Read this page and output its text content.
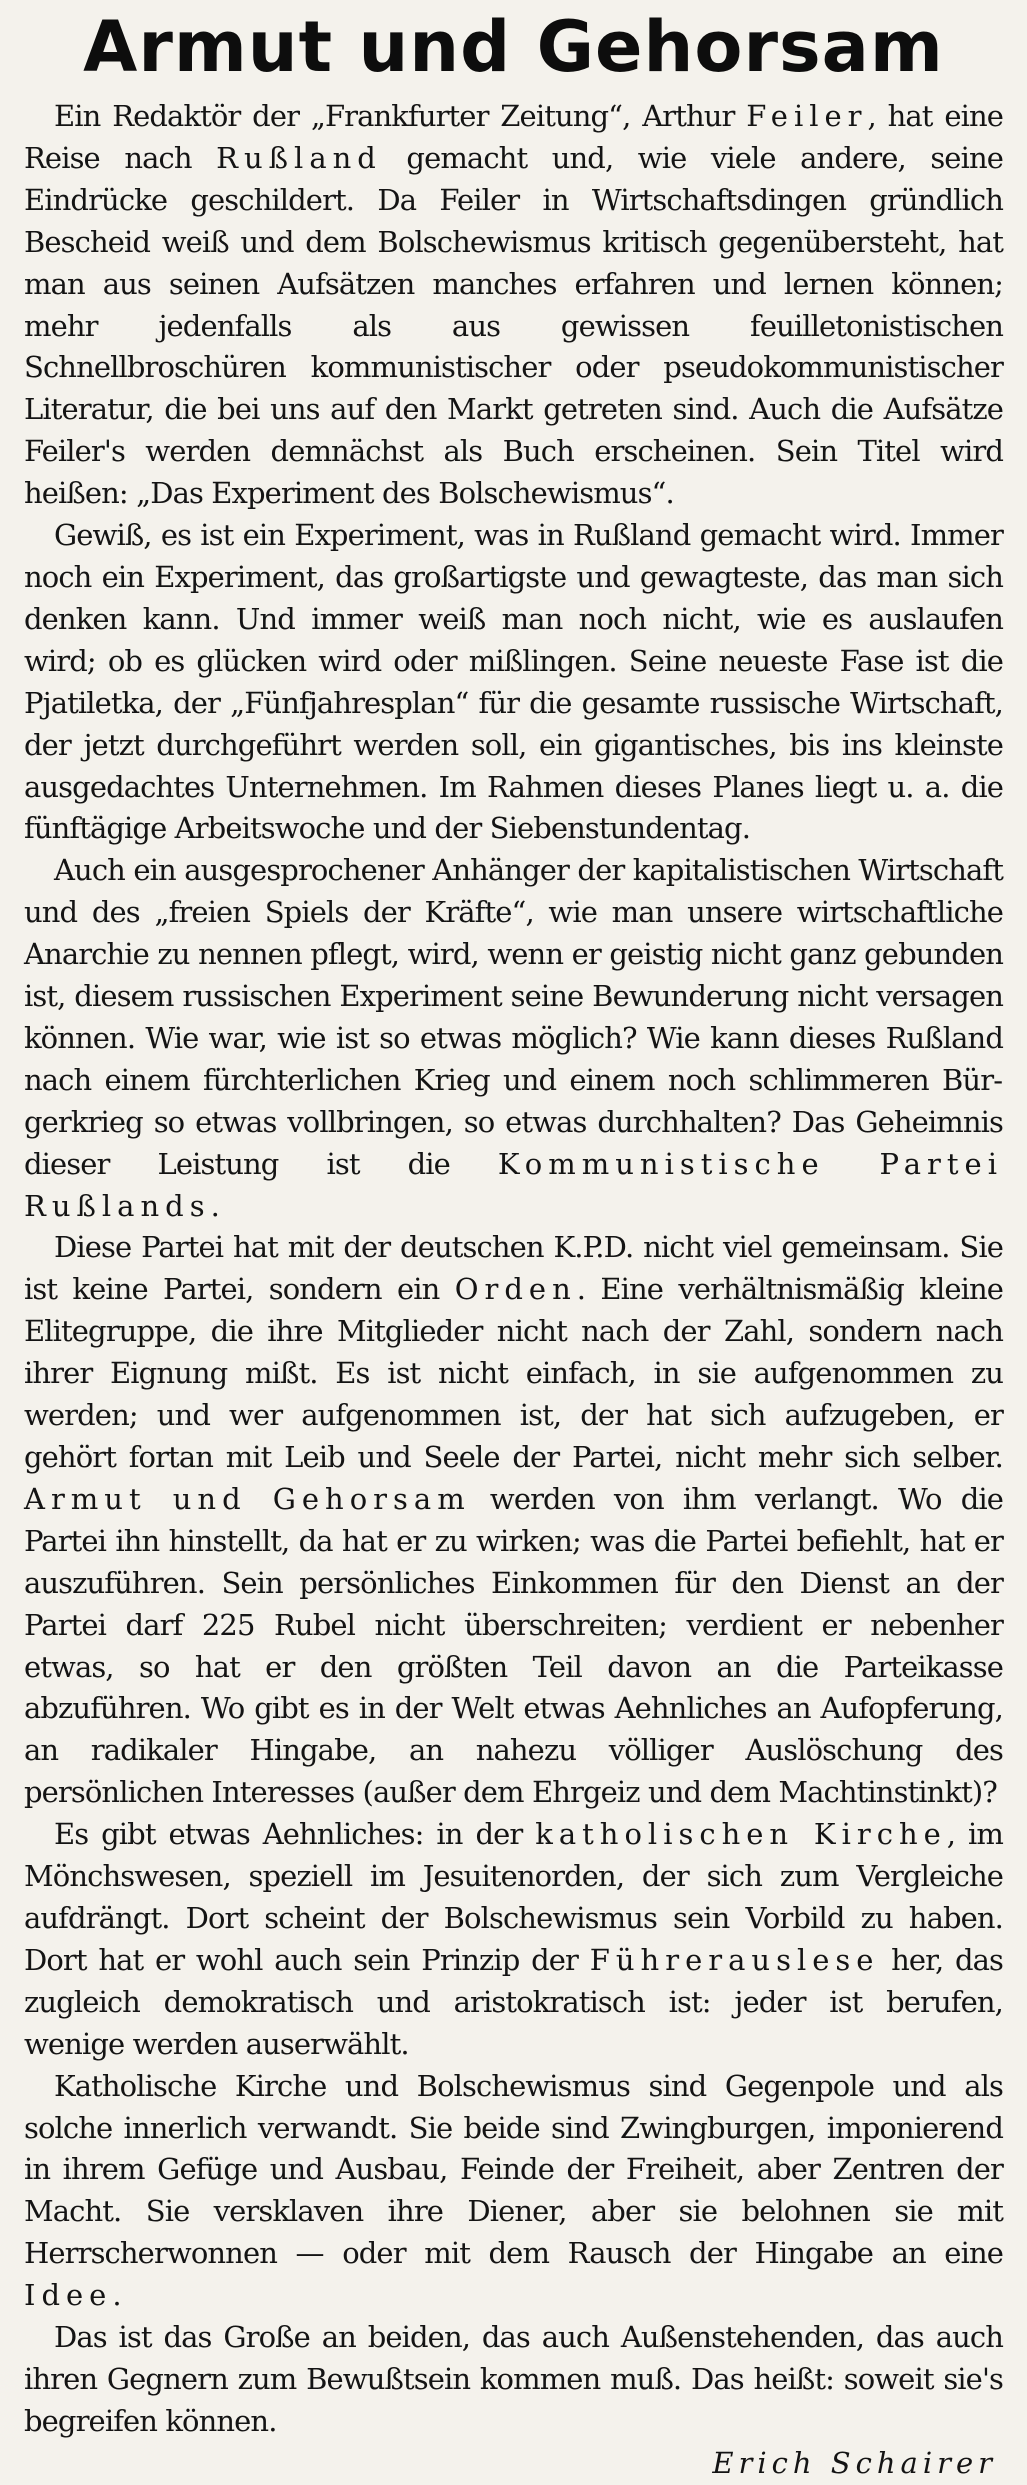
Armut und Gehorsam

Ein Redaktör der „Frankfurter Zeitung“, Arthur Feiler, hat eine Reise nach Rußland gemacht und, wie viele andere, seine Eindrücke geschildert. Da Feiler in Wirtschaftsdingen gründlich Bescheid weiß und dem Bolschewismus kritisch gegenübersteht, hat man aus seinen Aufsätzen manches erfahren und lernen können; mehr jedenfalls als aus gewissen feuilletonistischen Schnellbroschüren kommunistischer oder pseudokommunistischer Literatur, die bei uns auf den Markt getreten sind. Auch die Aufsätze Feiler's werden demnächst als Buch erscheinen. Sein Titel wird heißen: „Das Experiment des Bolschewismus“.

Gewiß, es ist ein Experiment, was in Rußland gemacht wird. Immer noch ein Experiment, das großartigste und gewagteste, das man sich denken kann. Und immer weiß man noch nicht, wie es auslaufen wird; ob es glücken wird oder mißlingen. Seine neueste Fase ist die Pjatiletka, der „Fünfjahresplan“ für die gesamte russische Wirtschaft, der jetzt durchgeführt werden soll, ein gigantisches, bis ins kleinste ausgedachtes Unternehmen. Im Rahmen dieses Planes liegt u. a. die fünftägige Arbeitswoche und der Siebenstundentag.

Auch ein ausgesprochener Anhänger der kapitalistischen Wirtschaft und des „freien Spiels der Kräfte“, wie man unsere wirtschaftliche Anarchie zu nennen pflegt, wird, wenn er geistig nicht ganz gebunden ist, diesem russischen Experiment seine Bewunderung nicht versagen können. Wie war, wie ist so etwas möglich? Wie kann dieses Rußland nach einem fürchterlichen Krieg und einem noch schlimmeren Bürgerkrieg so etwas vollbringen, so etwas durchhalten? Das Geheimnis dieser Leistung ist die Kommunistische Partei Rußlands.

Diese Partei hat mit der deutschen K.P.D. nicht viel gemeinsam. Sie ist keine Partei, sondern ein Orden. Eine verhältnismäßig kleine Elitegruppe, die ihre Mitglieder nicht nach der Zahl, sondern nach ihrer Eignung mißt. Es ist nicht einfach, in sie aufgenommen zu werden; und wer aufgenommen ist, der hat sich aufzugeben, er gehört fortan mit Leib und Seele der Partei, nicht mehr sich selber. Armut und Gehorsam werden von ihm verlangt. Wo die Partei ihn hinstellt, da hat er zu wirken; was die Partei befiehlt, hat er auszuführen. Sein persönliches Einkommen für den Dienst an der Partei darf 225 Rubel nicht überschreiten; verdient er nebenher etwas, so hat er den größten Teil davon an die Parteikasse abzuführen. Wo gibt es in der Welt etwas Aehnliches an Aufopferung, an radikaler Hingabe, an nahezu völliger Auslöschung des persönlichen Interesses (außer dem Ehrgeiz und dem Machtinstinkt)?

Es gibt etwas Aehnliches: in der katholischen Kirche, im Mönchswesen, speziell im Jesuitenorden, der sich zum Vergleiche aufdrängt. Dort scheint der Bolschewismus sein Vorbild zu haben. Dort hat er wohl auch sein Prinzip der Führerauslese her, das zugleich demokratisch und aristokratisch ist: jeder ist berufen, wenige werden auserwählt.

Katholische Kirche und Bolschewismus sind Gegenpole und als solche innerlich verwandt. Sie beide sind Zwingburgen, imponierend in ihrem Gefüge und Ausbau, Feinde der Freiheit, aber Zentren der Macht. Sie versklaven ihre Diener, aber sie belohnen sie mit Herrscherwonnen — oder mit dem Rausch der Hingabe an eine Idee.

Das ist das Große an beiden, das auch Außenstehenden, das auch ihren Gegnern zum Bewußtsein kommen muß. Das heißt: soweit sie's begreifen können.

Erich Schairer
